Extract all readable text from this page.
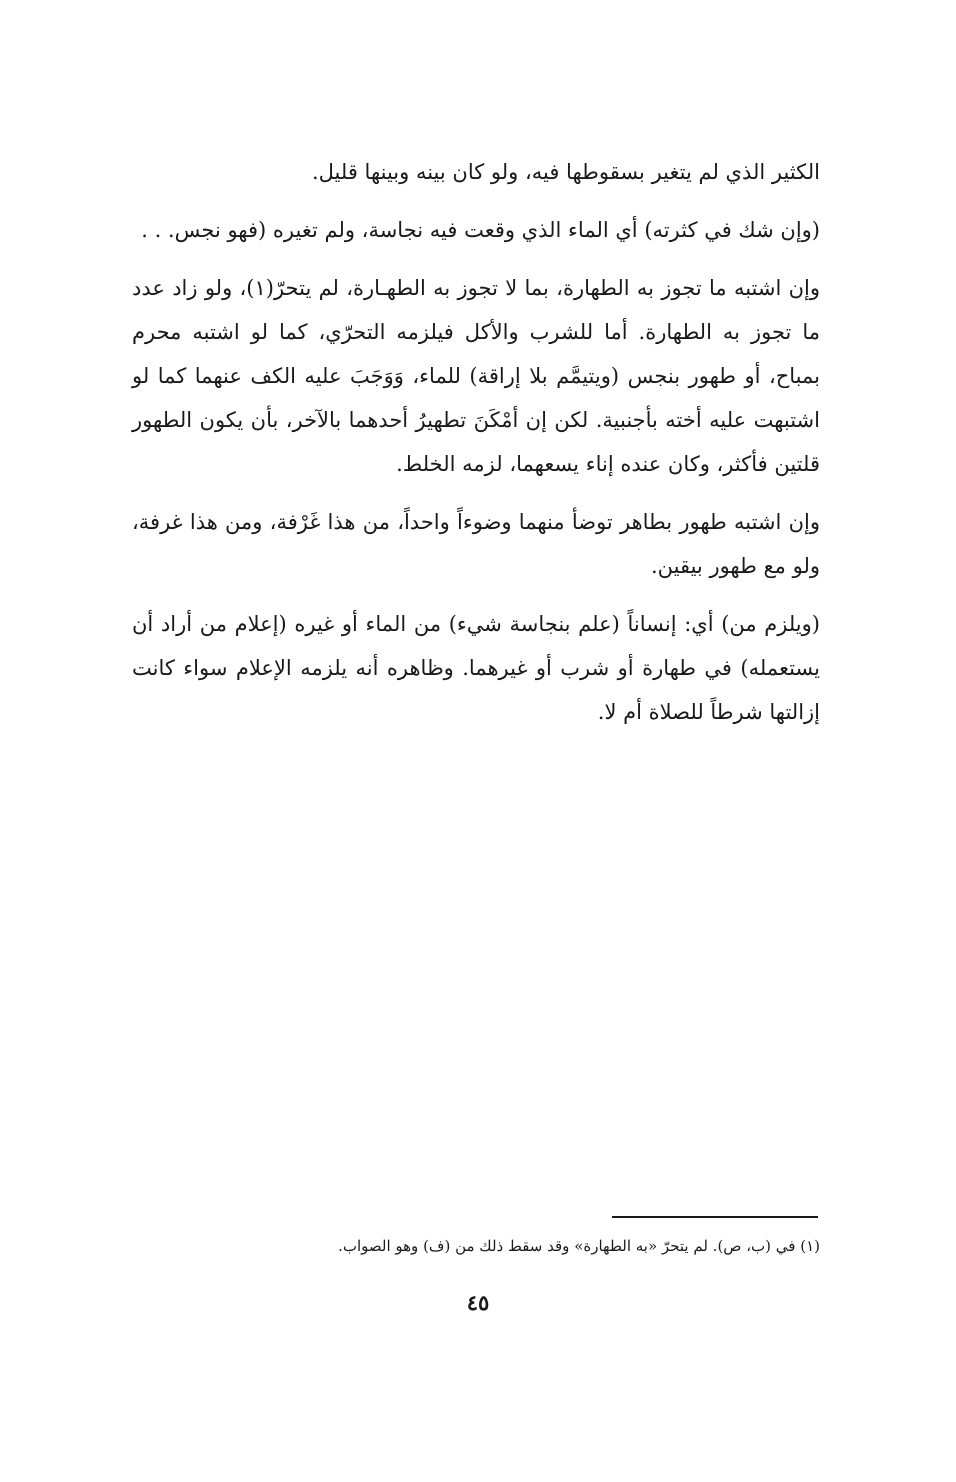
الكثير الذي لم يتغير بسقوطها فيه، ولو كان بينه وبينها قليل.

(وإن شك في كثرته) أي الماء الذي وقعت فيه نجاسة، ولم تغيره (فهو نجس. . .

وإن اشتبه ما تجوز به الطهارة، بما لا تجوز به الطهـارة، لم يتحرّ(١)، ولو زاد عدد ما تجوز به الطهارة. أما للشرب والأكل فيلزمه التحرّي، كما لو اشتبه محرم بمباح، أو طهور بنجس (ويتيمَّم بلا إراقة) للماء، وَوَجَبَ عليه الكف عنهما كما لو اشتبهت عليه أخته بأجنبية. لكن إن أمْكَنَ تطهيرُ أحدهما بالآخر، بأن يكون الطهور قلتين فأكثر، وكان عنده إناء يسعهما، لزمه الخلط.

وإن اشتبه طهور بطاهر توضأ منهما وضوءاً واحداً، من هذا غَرْفة، ومن هذا غرفة، ولو مع طهور بيقين.

(ويلزم من) أي: إنساناً (علم بنجاسة شيء) من الماء أو غيره (إعلام من أراد أن يستعمله) في طهارة أو شرب أو غيرهما. وظاهره أنه يلزمه الإعلام سواء كانت إزالتها شرطاً للصلاة أم لا.

(١) في (ب، ص). لم يتحرّ «به الطهارة» وقد سقط ذلك من (ف) وهو الصواب.
٤٥
